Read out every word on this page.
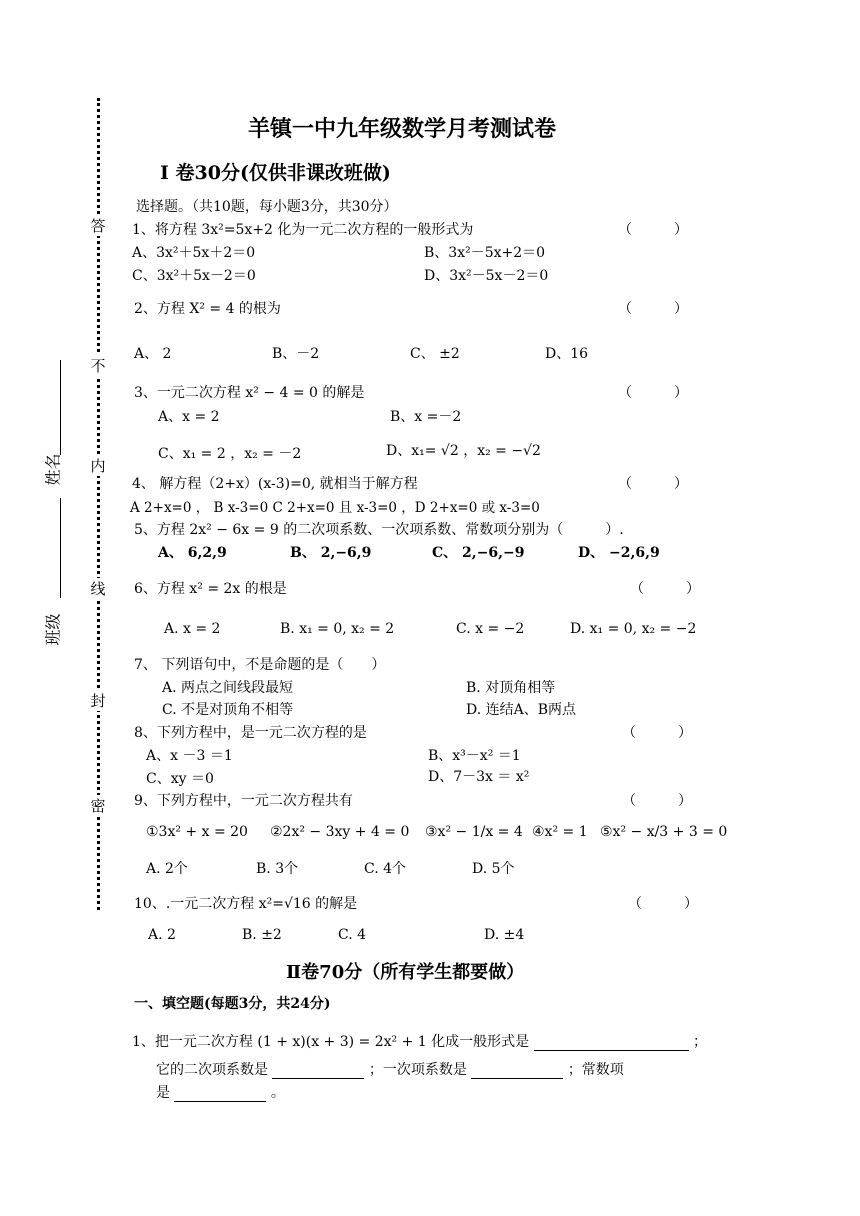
答
不
内
线
封
密
姓名
班级
羊镇一中九年级数学月考测试卷
Ⅰ 卷30分(仅供非课改班做)
选择题。（共10题，每小题3分，共30分）
1、将方程 3x²=5x+2 化为一元二次方程的一般形式为	（　　　）
A、3x²＋5x＋2＝0	B、3x²－5x+2＝0
C、3x²＋5x－2＝0	D、3x²－5x－2＝0
2、方程 X² = 4 的根为	（　　　）
A、 2	B、－2	C、 ±2	D、16
3、一元二次方程 x² − 4 = 0 的解是	（　　　）
A、x = 2	B、x =－2
C、x₁ = 2 ，x₂ = －2	D、x₁= √2 ，x₂ = −√2
4、 解方程（2+x）(x-3)=0, 就相当于解方程	（　　　）
A 2+x=0 ， B x-3=0 C 2+x=0 且 x-3=0 ，D 2+x=0 或 x-3=0
5、方程 2x² − 6x = 9 的二次项系数、一次项系数、常数项分别为（　　　）.
A、 6,2,9	B、 2,−6,9	C、 2,−6,−9	D、 −2,6,9
6、方程 x² = 2x 的根是	（　　　）
A. x = 2	B. x₁ = 0, x₂ = 2	C. x = −2	D. x₁ = 0, x₂ = −2
7、 下列语句中，不是命题的是（　　）
A. 两点之间线段最短	B. 对顶角相等
C. 不是对顶角不相等	D. 连结A、B两点
8、下列方程中，是一元二次方程的是	（　　　）
A、x －3 ＝1	B、x³－x² ＝1
C、xy ＝0	D、7－3x ＝ x²
9、下列方程中，一元二次方程共有	（　　　）
①3x² + x = 20 ②2x² − 3xy + 4 = 0 ③x² − 1/x = 4 ④x² = 1 ⑤x² − x/3 + 3 = 0
A. 2个	B. 3个	C. 4个	D. 5个
10、.一元二次方程 x²=√16 的解是	（　　　）
A. 2	B. ±2	C. 4	D. ±4
Ⅱ卷70分（所有学生都要做）
一、填空题(每题3分，共24分)
1、把一元二次方程 (1 + x)(x + 3) = 2x² + 1 化成一般形式是	；
它的二次项系数是	；一次项系数是	；常数项
是	。
